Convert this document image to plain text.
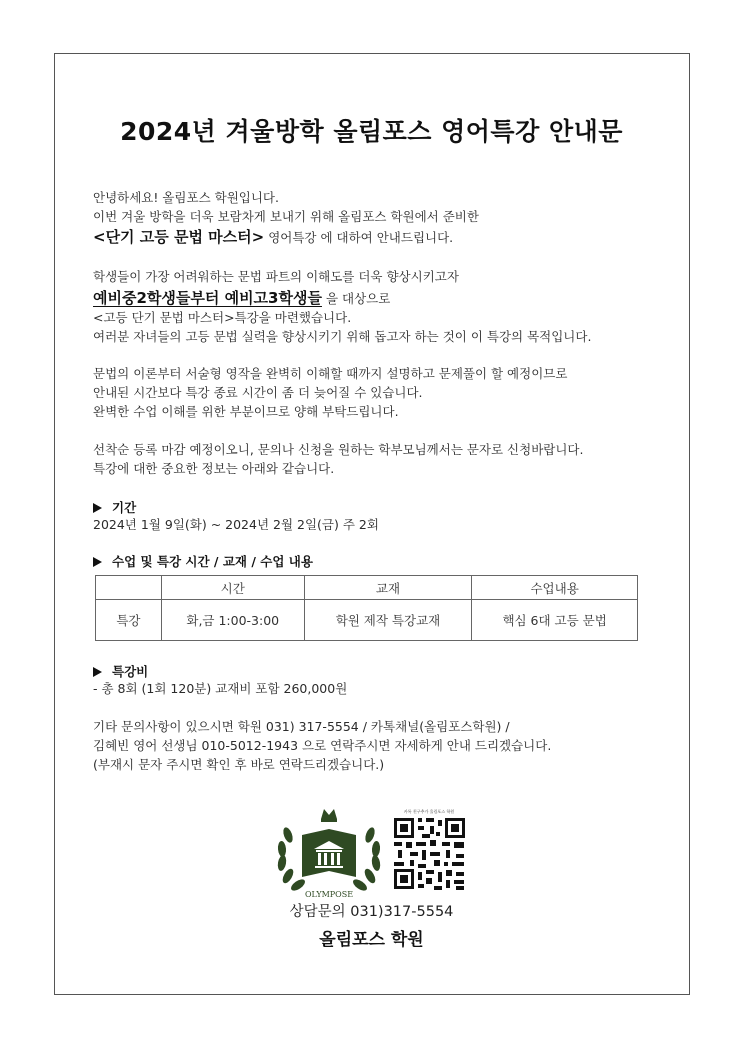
2024년 겨울방학 올림포스 영어특강 안내문
안녕하세요! 올림포스 학원입니다.
이번 겨울 방학을 더욱 보람차게 보내기 위해 올림포스 학원에서 준비한
<단기 고등 문법 마스터> 영어특강 에 대하여 안내드립니다.
학생들이 가장 어려워하는 문법 파트의 이해도를 더욱 향상시키고자
예비중2학생들부터 예비고3학생들 을 대상으로
<고등 단기 문법 마스터>특강을 마련했습니다.
여러분 자녀들의 고등 문법 실력을 향상시키기 위해 돕고자 하는 것이 이 특강의 목적입니다.
문법의 이론부터 서술형 영작을 완벽히 이해할 때까지 설명하고 문제풀이 할 예정이므로
안내된 시간보다 특강 종료 시간이 좀 더 늦어질 수 있습니다.
완벽한 수업 이해를 위한 부분이므로 양해 부탁드립니다.
선착순 등록 마감 예정이오니, 문의나 신청을 원하는 학부모님께서는 문자로 신청바랍니다.
특강에 대한 중요한 정보는 아래와 같습니다.
기간
2024년 1월 9일(화) ~ 2024년 2월 2일(금) 주 2회
수업 및 특강 시간 / 교재 / 수업 내용
	시간	교재	수업내용
특강	화,금 1:00-3:00	학원 제작 특강교재	핵심 6대 고등 문법
특강비
- 총 8회 (1회 120분) 교재비 포함 260,000원
기타 문의사항이 있으시면 학원 031) 317-5554 / 카톡채널(올림포스학원) /
김혜빈 영어 선생님 010-5012-1943 으로 연락주시면 자세하게 안내 드리겠습니다.
(부재시 문자 주시면 확인 후 바로 연락드리겠습니다.)
OLYMPOSE
카톡 친구추가 올림포스 학원
상담문의 031)317-5554
올림포스 학원
